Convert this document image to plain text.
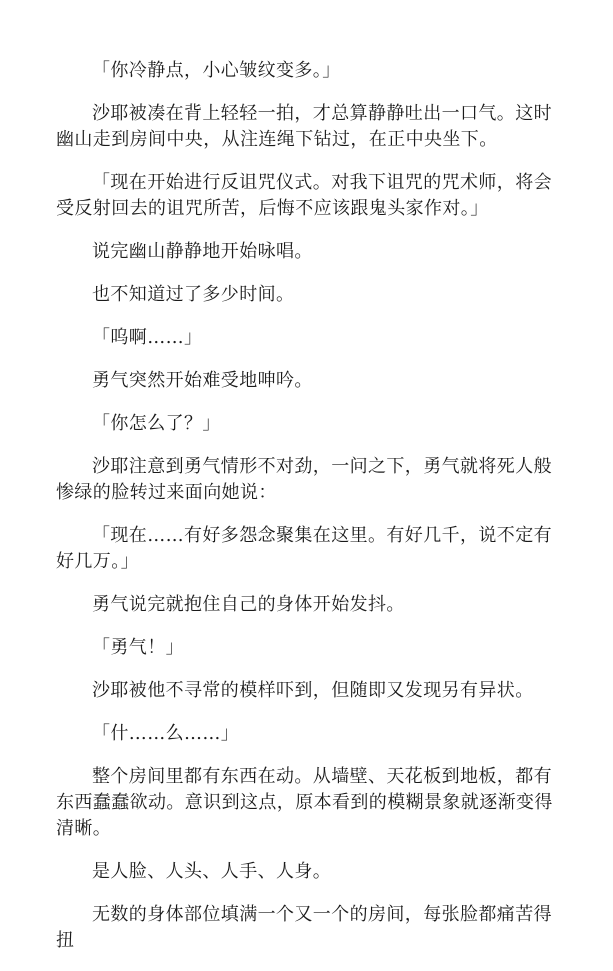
「你冷静点，小心皱纹变多。」

沙耶被凑在背上轻轻一拍，才总算静静吐出一口气。这时幽山走到房间中央，从注连绳下钻过，在正中央坐下。

「现在开始进行反诅咒仪式。对我下诅咒的咒术师，将会受反射回去的诅咒所苦，后悔不应该跟鬼头家作对。」

说完幽山静静地开始咏唱。

也不知道过了多少时间。

「呜啊……」

勇气突然开始难受地呻吟。

「你怎么了？」

沙耶注意到勇气情形不对劲，一问之下，勇气就将死人般惨绿的脸转过来面向她说：

「现在……有好多怨念聚集在这里。有好几千，说不定有好几万。」

勇气说完就抱住自己的身体开始发抖。

「勇气！」

沙耶被他不寻常的模样吓到，但随即又发现另有异状。

「什……么……」

整个房间里都有东西在动。从墙壁、天花板到地板，都有东西蠢蠢欲动。意识到这点，原本看到的模糊景象就逐渐变得清晰。

是人脸、人头、人手、人身。

无数的身体部位填满一个又一个的房间，每张脸都痛苦得扭
